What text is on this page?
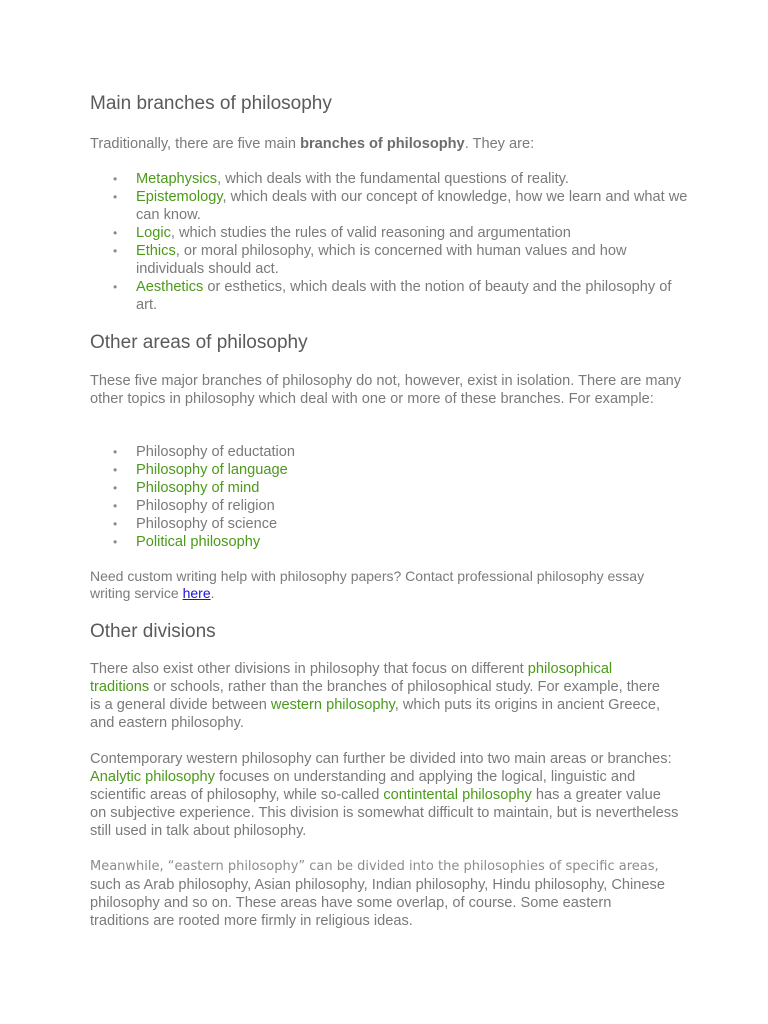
Main branches of philosophy

Traditionally, there are five main branches of philosophy. They are:

• Metaphysics, which deals with the fundamental questions of reality.
• Epistemology, which deals with our concept of knowledge, how we learn and what we can know.
• Logic, which studies the rules of valid reasoning and argumentation
• Ethics, or moral philosophy, which is concerned with human values and how individuals should act.
• Aesthetics or esthetics, which deals with the notion of beauty and the philosophy of art.
Other areas of philosophy

These five major branches of philosophy do not, however, exist in isolation. There are many other topics in philosophy which deal with one or more of these branches. For example:

• Philosophy of eductation
• Philosophy of language
• Philosophy of mind
• Philosophy of religion
• Philosophy of science
• Political philosophy

Need custom writing help with philosophy papers? Contact professional philosophy essay writing service here.

Other divisions

There also exist other divisions in philosophy that focus on different philosophical traditions or schools, rather than the branches of philosophical study. For example, there is a general divide between western philosophy, which puts its origins in ancient Greece, and eastern philosophy.

Contemporary western philosophy can further be divided into two main areas or branches: Analytic philosophy focuses on understanding and applying the logical, linguistic and scientific areas of philosophy, while so-called contintental philosophy has a greater value on subjective experience. This division is somewhat difficult to maintain, but is nevertheless still used in talk about philosophy.

Meanwhile, “eastern philosophy” can be divided into the philosophies of specific areas,
such as Arab philosophy, Asian philosophy, Indian philosophy, Hindu philosophy, Chinese philosophy and so on. These areas have some overlap, of course. Some eastern traditions are rooted more firmly in religious ideas.
